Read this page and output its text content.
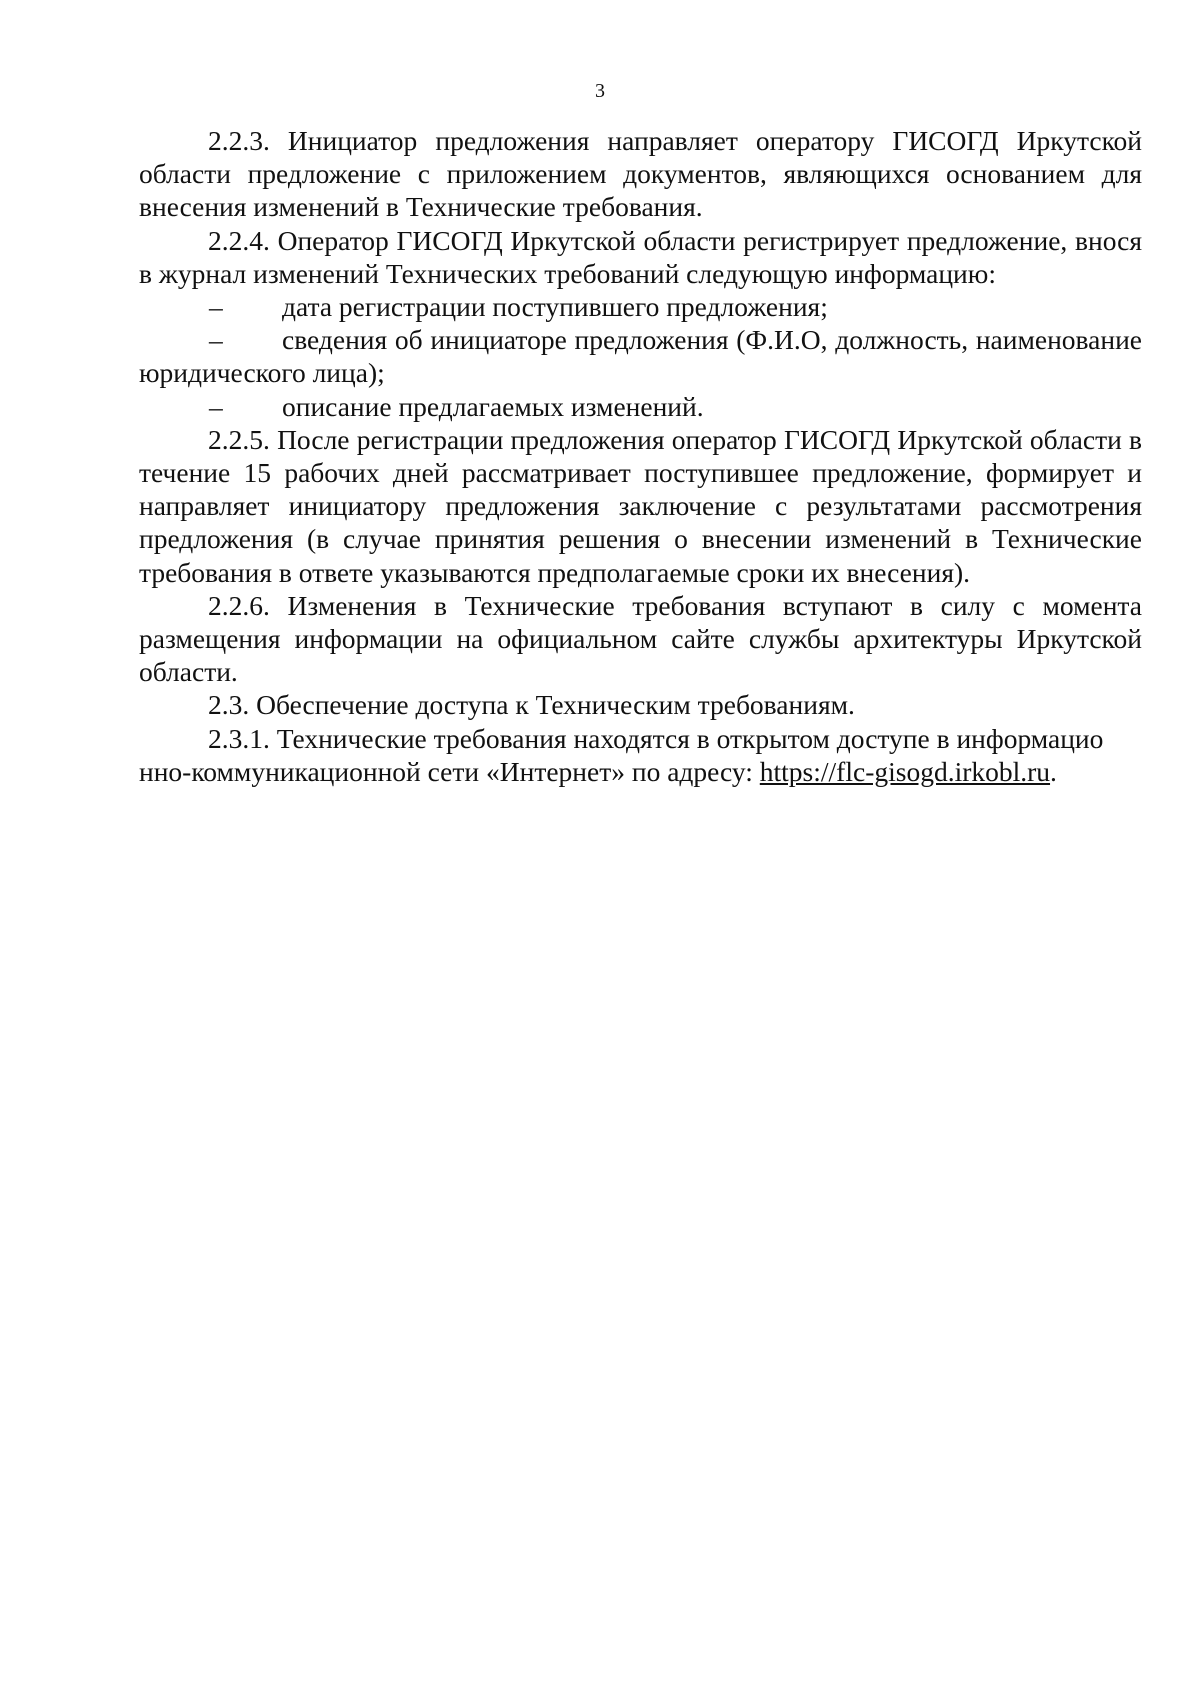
3
2.2.3. Инициатор предложения направляет оператору ГИСОГД Иркутской области предложение с приложением документов, являющихся основанием для внесения изменений в Технические требования.
2.2.4. Оператор ГИСОГД Иркутской области регистрирует предложение, внося в журнал изменений Технических требований следующую информацию:
– дата регистрации поступившего предложения;
– сведения об инициаторе предложения (Ф.И.О, должность, наименование юридического лица);
– описание предлагаемых изменений.
2.2.5. После регистрации предложения оператор ГИСОГД Иркутской области в течение 15 рабочих дней рассматривает поступившее предложение, формирует и направляет инициатору предложения заключение с результатами рассмотрения предложения (в случае принятия решения о внесении изменений в Технические требования в ответе указываются предполагаемые сроки их внесения).
2.2.6. Изменения в Технические требования вступают в силу с момента размещения информации на официальном сайте службы архитектуры Иркутской области.
2.3. Обеспечение доступа к Техническим требованиям.
2.3.1. Технические требования находятся в открытом доступе в информацио
нно-коммуникационной сети «Интернет» по адресу: https://flc-gisogd.irkobl.ru.
